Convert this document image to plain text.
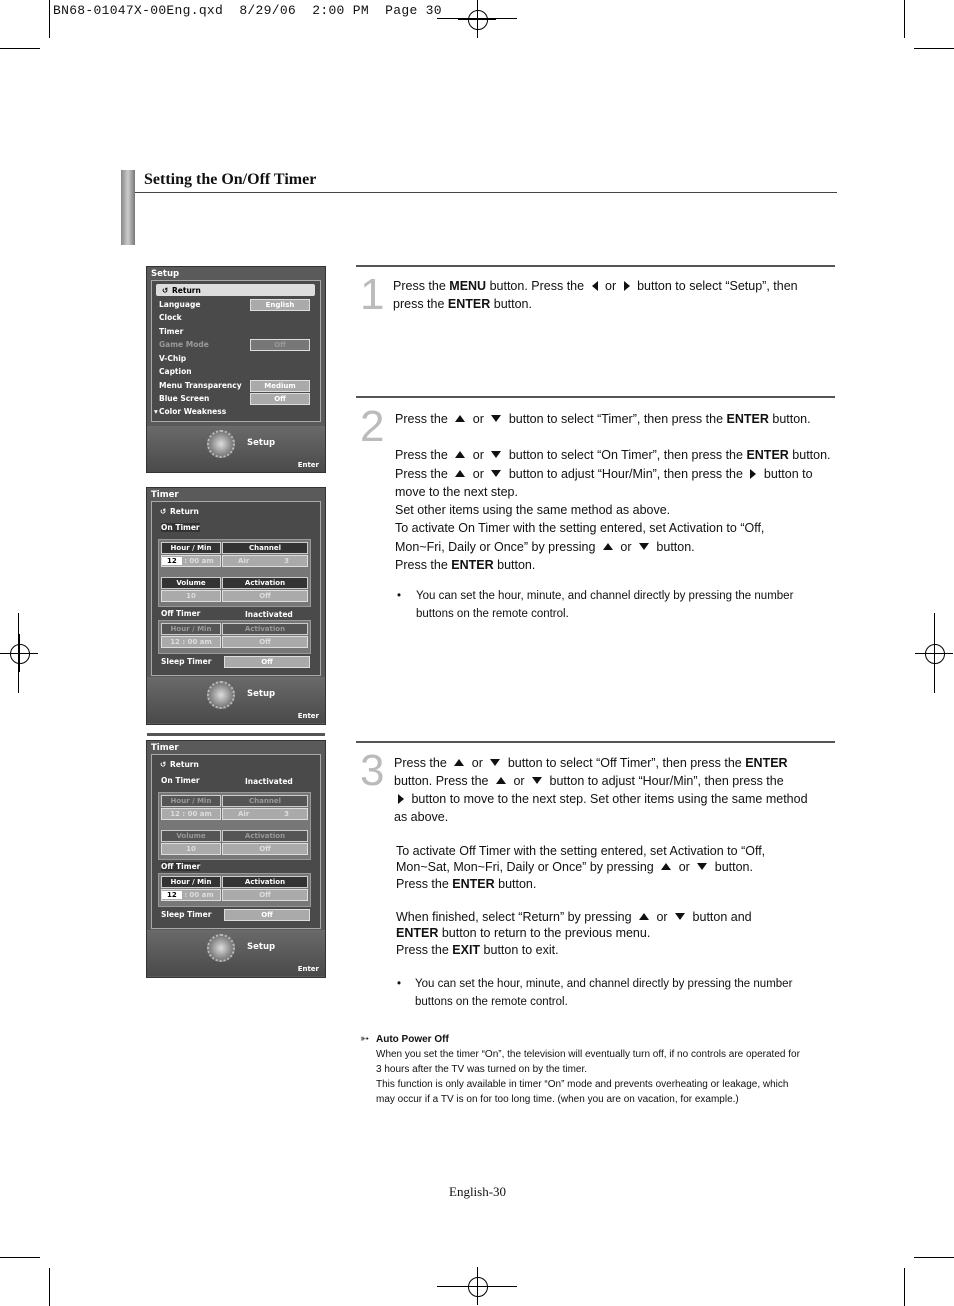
BN68-01047X-00Eng.qxd  8/29/06  2:00 PM  Page 30
Setting the On/Off Timer
Setup
↺ Return
Language	English
Clock
Timer
Game Mode	Off
V-Chip
Caption
Menu Transparency	Medium
Blue Screen	Off
▾ Color Weakness
Setup
Enter
Timer
↺ Return
On Timer
Hour / Min	Channel
12 : 00 am	Air	3
Volume	Activation
10	Off
Off Timer	Inactivated
Hour / Min	Activation
12 : 00 am	Off
Sleep Timer	Off
Setup
Enter
Timer
↺ Return
On Timer	Inactivated
Hour / Min	Channel
12 : 00 am	Air	3
Volume	Activation
10	Off
Off Timer
Hour / Min	Activation
12 : 00 am	Off
Sleep Timer	Off
Setup
Enter
1 Press the MENU button. Press the  or  button to select “Setup”, then
press the ENTER button.
2 Press the  or  button to select “Timer”, then press the ENTER button.
Press the  or  button to select “On Timer”, then press the ENTER button.
Press the  or  button to adjust “Hour/Min”, then press the  button to
move to the next step.
Set other items using the same method as above.
To activate On Timer with the setting entered, set Activation to “Off,
Mon~Fri, Daily or Once” by pressing  or  button.
Press the ENTER button.
• You can set the hour, minute, and channel directly by pressing the number
buttons on the remote control.
3 Press the  or  button to select “Off Timer”, then press the ENTER
button. Press the  or  button to adjust “Hour/Min”, then press the
button to move to the next step. Set other items using the same method
as above.
To activate Off Timer with the setting entered, set Activation to “Off,
Mon~Sat, Mon~Fri, Daily or Once” by pressing  or  button.
Press the ENTER button.
When finished, select “Return” by pressing  or  button and
ENTER button to return to the previous menu.
Press the EXIT button to exit.
• You can set the hour, minute, and channel directly by pressing the number
buttons on the remote control.
➳ Auto Power Off
When you set the timer “On”, the television will eventually turn off, if no controls are operated for
3 hours after the TV was turned on by the timer.
This function is only available in timer “On” mode and prevents overheating or leakage, which
may occur if a TV is on for too long time. (when you are on vacation, for example.)
English-30
